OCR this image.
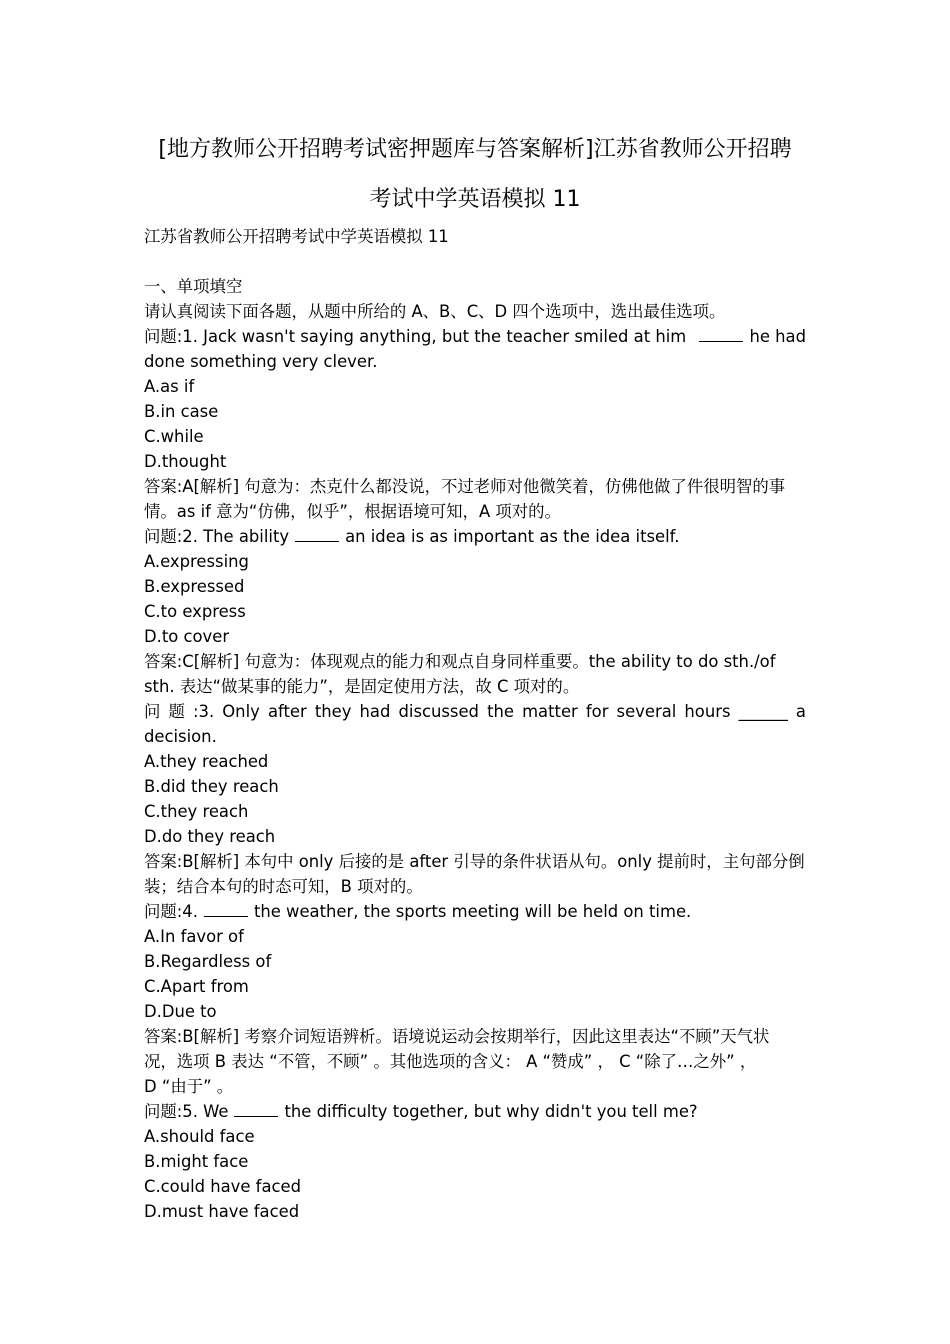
[地方教师公开招聘考试密押题库与答案解析]江苏省教师公开招聘
考试中学英语模拟 11
江苏省教师公开招聘考试中学英语模拟 11
一、单项填空
请认真阅读下面各题，从题中所给的 A、B、C、D 四个选项中，选出最佳选项。
问题:1. Jack wasn't saying anything, but the teacher smiled at him	he had
done something very clever.
A.as if
B.in case
C.while
D.thought
答案:A[解析] 句意为：杰克什么都没说，不过老师对他微笑着，仿佛他做了件很明智的事
情。as if 意为“仿佛，似乎”，根据语境可知，A 项对的。
问题:2. The ability	an idea is as important as the idea itself.
A.expressing
B.expressed
C.to express
D.to cover
答案:C[解析] 句意为：体现观点的能力和观点自身同样重要。the ability to do sth./of
sth. 表达“做某事的能力”，是固定使用方法，故 C 项对的。
问 题 :3. Only after they had discussed the matter for several hours ______ a
decision.
A.they reached
B.did they reach
C.they reach
D.do they reach
答案:B[解析] 本句中 only 后接的是 after 引导的条件状语从句。only 提前时，主句部分倒
装；结合本句的时态可知，B 项对的。
问题:4.	the weather, the sports meeting will be held on time.
A.In favor of
B.Regardless of
C.Apart from
D.Due to
答案:B[解析] 考察介词短语辨析。语境说运动会按期举行，因此这里表达“不顾”天气状
况，选项 B 表达 “不管，不顾” 。其他选项的含义： A “赞成” ， C “除了…之外” ，
D “由于” 。
问题:5. We	the difficulty together, but why didn't you tell me?
A.should face
B.might face
C.could have faced
D.must have faced
